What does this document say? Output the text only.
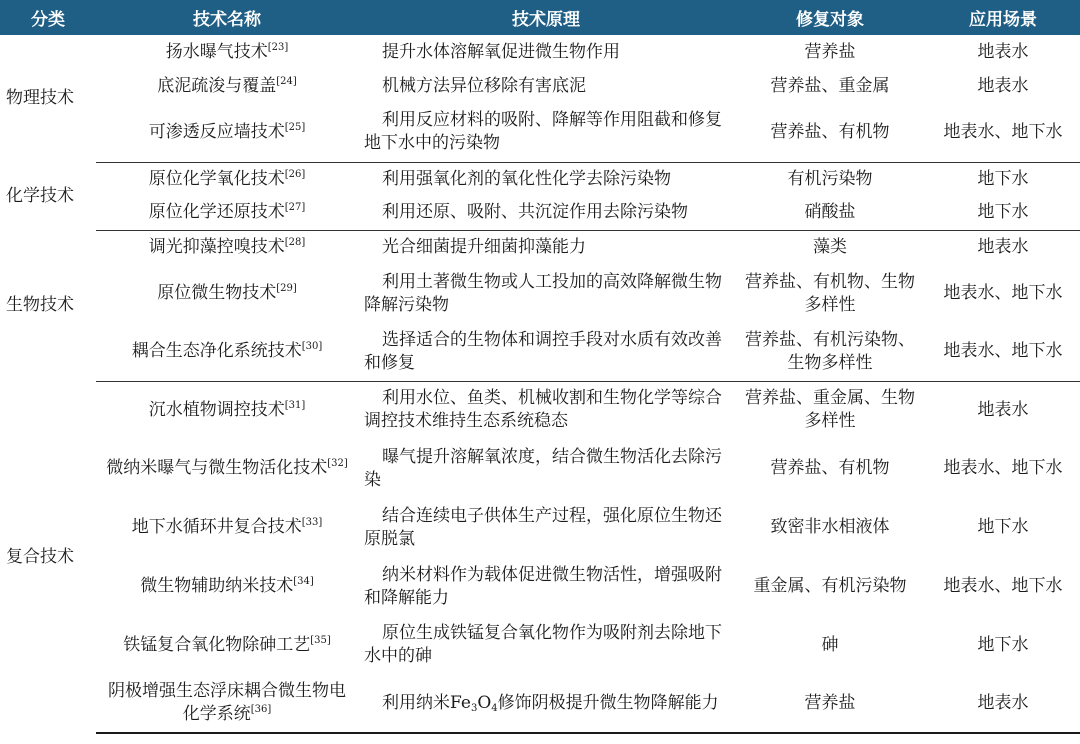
分类	技术名称	技术原理	修复对象	应用场景
物理技术	扬水曝气技术[23]	提升水体溶解氧促进微生物作用	营养盐	地表水
	底泥疏浚与覆盖[24]	机械方法异位移除有害底泥	营养盐、重金属	地表水
	可渗透反应墙技术[25]	利用反应材料的吸附、降解等作用阻截和修复地下水中的污染物	营养盐、有机物	地表水、地下水
化学技术	原位化学氧化技术[26]	利用强氧化剂的氧化性化学去除污染物	有机污染物	地下水
	原位化学还原技术[27]	利用还原、吸附、共沉淀作用去除污染物	硝酸盐	地下水
生物技术	调光抑藻控嗅技术[28]	光合细菌提升细菌抑藻能力	藻类	地表水
	原位微生物技术[29]	利用土著微生物或人工投加的高效降解微生物降解污染物	营养盐、有机物、生物多样性	地表水、地下水
	耦合生态净化系统技术[30]	选择适合的生物体和调控手段对水质有效改善和修复	营养盐、有机污染物、生物多样性	地表水、地下水
复合技术	沉水植物调控技术[31]	利用水位、鱼类、机械收割和生物化学等综合调控技术维持生态系统稳态	营养盐、重金属、生物多样性	地表水
	微纳米曝气与微生物活化技术[32]	曝气提升溶解氧浓度，结合微生物活化去除污染	营养盐、有机物	地表水、地下水
	地下水循环井复合技术[33]	结合连续电子供体生产过程，强化原位生物还原脱氯	致密非水相液体	地下水
	微生物辅助纳米技术[34]	纳米材料作为载体促进微生物活性，增强吸附和降解能力	重金属、有机污染物	地表水、地下水
	铁锰复合氧化物除砷工艺[35]	原位生成铁锰复合氧化物作为吸附剂去除地下水中的砷	砷	地下水
	阴极增强生态浮床耦合微生物电化学系统[36]	利用纳米$Fe_3O_4$修饰阴极提升微生物降解能力	营养盐	地表水
